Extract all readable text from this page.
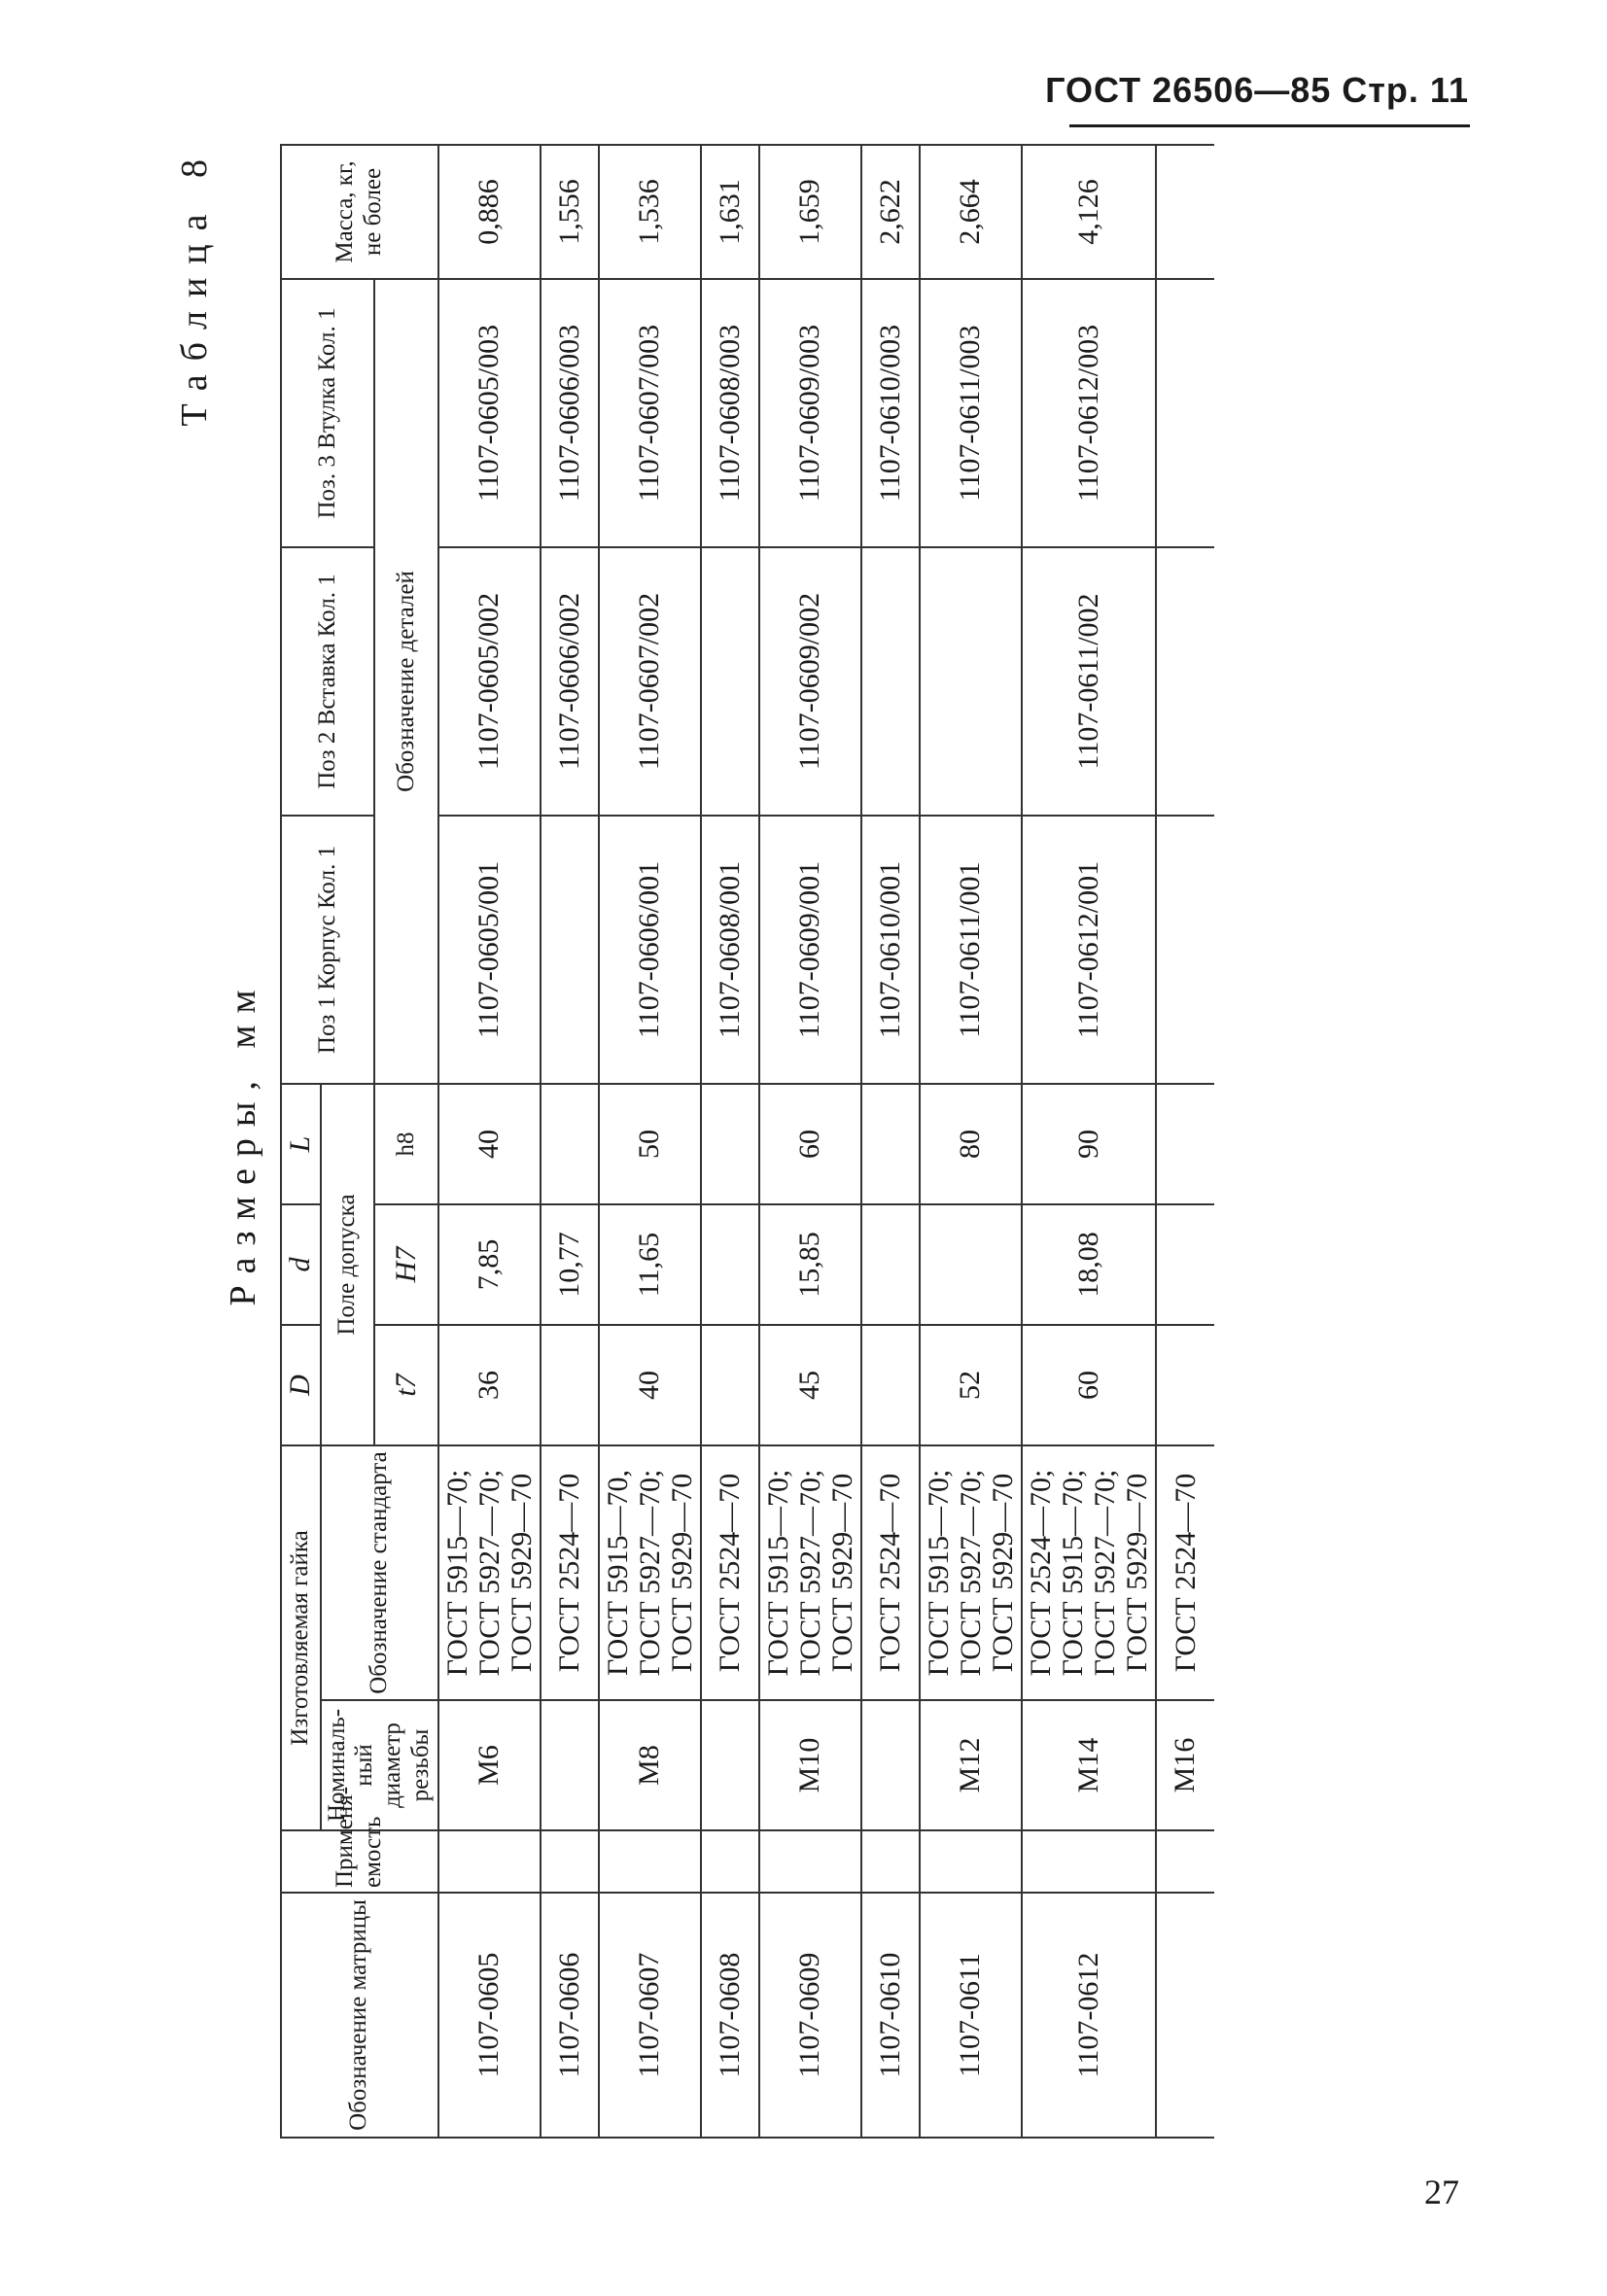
ГОСТ 26506—85 Стр. 11
Таблица 8
Размеры, мм
Обозначение матрицы	Применя-емость	Изготовляемая гайка		D	d	L	Поз 1 Корпус Кол. 1	Поз 2 Вставка Кол. 1	Поз. 3 Втулка Кол. 1	Масса, кг, не более
		Номиналь-ный диаметр резьбы	Обозначение стандарта	Поле допуска						
				t7	H7	h8	Обозначение деталей			
1107-0605		М6	ГОСТ 5915—70; ГОСТ 5927—70; ГОСТ 5929—70	36	7,85	40	1107-0605/001	1107-0605/002	1107-0605/003	0,886
1107-0606			ГОСТ 2524—70		10,77			1107-0606/002	1107-0606/003	1,556
1107-0607		М8	ГОСТ 5915—70, ГОСТ 5927—70; ГОСТ 5929—70	40	11,65	50	1107-0606/001	1107-0607/002	1107-0607/003	1,536
1107-0608			ГОСТ 2524—70				1107-0608/001		1107-0608/003	1,631
1107-0609		М10	ГОСТ 5915—70; ГОСТ 5927—70; ГОСТ 5929—70	45	15,85	60	1107-0609/001	1107-0609/002	1107-0609/003	1,659
1107-0610			ГОСТ 2524—70				1107-0610/001		1107-0610/003	2,622
1107-0611		М12	ГОСТ 5915—70; ГОСТ 5927—70; ГОСТ 5929—70	52		80	1107-0611/001		1107-0611/003	2,664
1107-0612		М14	ГОСТ 2524—70; ГОСТ 5915—70; ГОСТ 5927—70; ГОСТ 5929—70	60	18,08	90	1107-0612/001	1107-0611/002	1107-0612/003	4,126
		М16	ГОСТ 2524—70							

27
